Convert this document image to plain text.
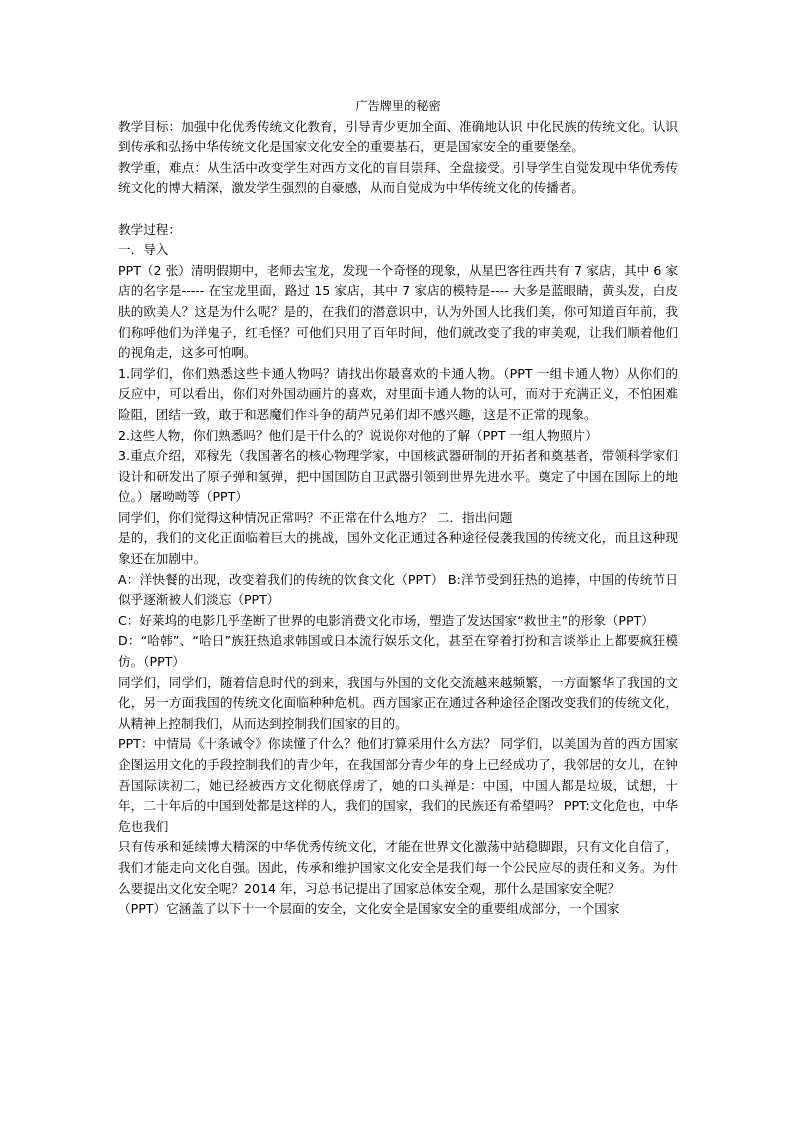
广告牌里的秘密

教学目标：加强中化优秀传统文化教育，引导青少更加全面、准确地认识 中化民族的传统文化。认识到传承和弘扬中华传统文化是国家文化安全的重要基石，更是国家安全的重要堡垒。

教学重，难点：从生活中改变学生对西方文化的盲目崇拜、全盘接受。引导学生自觉发现中华优秀传统文化的博大精深，激发学生强烈的自豪感，从而自觉成为中华传统文化的传播者。

教学过程：

一．导入

PPT（2 张）清明假期中，老师去宝龙，发现一个奇怪的现象，从星巴客往西共有 7 家店，其中 6 家店的名字是----- 在宝龙里面，路过 15 家店，其中 7 家店的模特是---- 大多是蓝眼睛，黄头发，白皮肤的欧美人？这是为什么呢？是的，在我们的潜意识中，认为外国人比我们美，你可知道百年前，我们称呼他们为洋鬼子，红毛怪？可他们只用了百年时间，他们就改变了我的审美观，让我们顺着他们的视角走，这多可怕啊。

1.同学们，你们熟悉这些卡通人物吗？请找出你最喜欢的卡通人物。（PPT 一组卡通人物）从你们的反应中，可以看出，你们对外国动画片的喜欢，对里面卡通人物的认可，而对于充满正义，不怕困难险阻，团结一致，敢于和恶魔们作斗争的葫芦兄弟们却不感兴趣，这是不正常的现象。

2.这些人物，你们熟悉吗？他们是干什么的？说说你对他的了解（PPT 一组人物照片）

3.重点介绍，邓稼先（我国著名的核心物理学家，中国核武器研制的开拓者和奠基者，带领科学家们设计和研发出了原子弹和氢弹，把中国国防自卫武器引领到世界先进水平。奠定了中国在国际上的地位。）屠呦呦等（PPT）

同学们，你们觉得这种情况正常吗？不正常在什么地方？ 二．指出问题

是的，我们的文化正面临着巨大的挑战，国外文化正通过各种途径侵袭我国的传统文化，而且这种现象还在加剧中。

A：洋快餐的出现，改变着我们的传统的饮食文化（PPT） B:洋节受到狂热的追捧，中国的传统节日似乎逐渐被人们淡忘（PPT）

C：好莱坞的电影几乎垄断了世界的电影消费文化市场，塑造了发达国家“救世主”的形象（PPT）

D：“哈韩”、“哈日”族狂热追求韩国或日本流行娱乐文化，甚至在穿着打扮和言谈举止上都要疯狂模仿。（PPT）

同学们，同学们，随着信息时代的到来，我国与外国的文化交流越来越频繁，一方面繁华了我国的文化，另一方面我国的传统文化面临种种危机。西方国家正在通过各种途径企图改变我们的传统文化，从精神上控制我们，从而达到控制我们国家的目的。

PPT：中情局《十条诫令》你读懂了什么？他们打算采用什么方法？ 同学们，以美国为首的西方国家企图运用文化的手段控制我们的青少年，在我国部分青少年的身上已经成功了，我邻居的女儿，在钟吾国际读初二，她已经被西方文化彻底俘虏了，她的口头禅是：中国，中国人都是垃圾，试想，十年，二十年后的中国到处都是这样的人，我们的国家，我们的民族还有希望吗？ PPT:文化危也，中华危也我们

只有传承和延续博大精深的中华优秀传统文化，才能在世界文化激荡中站稳脚跟，只有文化自信了，我们才能走向文化自强。因此，传承和维护国家文化安全是我们每一个公民应尽的责任和义务。为什么要提出文化安全呢？2014 年，习总书记提出了国家总体安全观，那什么是国家安全呢？

（PPT）它涵盖了以下十一个层面的安全，文化安全是国家安全的重要组成部分，一个国家
